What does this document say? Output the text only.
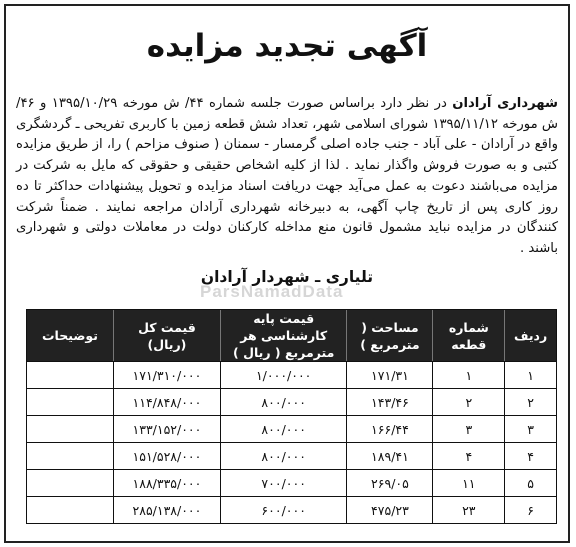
آگهی تجدید مزایده
شهرداری آرادان در نظر دارد براساس صورت جلسه شماره ۴۴/ ش مورخه ۱۳۹۵/۱۰/۲۹ و ۴۶/ ش مورخه ۱۳۹۵/۱۱/۱۲ شورای اسلامی شهر، تعداد شش قطعه زمین با کاربری تفریحی ـ گردشگری واقع در آرادان - علی آباد - جنب جاده اصلی گرمسار - سمنان ( صنوف مزاحم ) را، از طریق مزایده کتبی و به صورت فروش واگذار نماید . لذا از کلیه اشخاص حقیقی و حقوقی که مایل به شرکت در مزایده می‌باشند دعوت به عمل می‌آید جهت دریافت اسناد مزایده و تحویل پیشنهادات حداکثر تا ده روز کاری پس از تاریخ چاپ آگهی، به دبیرخانه شهرداری آرادان مراجعه نمایند . ضمناً شرکت کنندگان در مزایده نباید مشمول قانون منع مداخله کارکنان دولت در معاملات دولتی و شهرداری باشند .
تلیاری ـ شهردار آرادان
ParsNamadData
ردیف	شماره قطعه	مساحت ( مترمربع )	قیمت پایه کارشناسی هر مترمربع ( ریال )	قیمت کل (ریال)	توضیحات
۱	۱	۱۷۱/۳۱	۱/۰۰۰/۰۰۰	۱۷۱/۳۱۰/۰۰۰	
۲	۲	۱۴۳/۴۶	۸۰۰/۰۰۰	۱۱۴/۸۴۸/۰۰۰	
۳	۳	۱۶۶/۴۴	۸۰۰/۰۰۰	۱۳۳/۱۵۲/۰۰۰	
۴	۴	۱۸۹/۴۱	۸۰۰/۰۰۰	۱۵۱/۵۲۸/۰۰۰	
۵	۱۱	۲۶۹/۰۵	۷۰۰/۰۰۰	۱۸۸/۳۳۵/۰۰۰	
۶	۲۳	۴۷۵/۲۳	۶۰۰/۰۰۰	۲۸۵/۱۳۸/۰۰۰	
